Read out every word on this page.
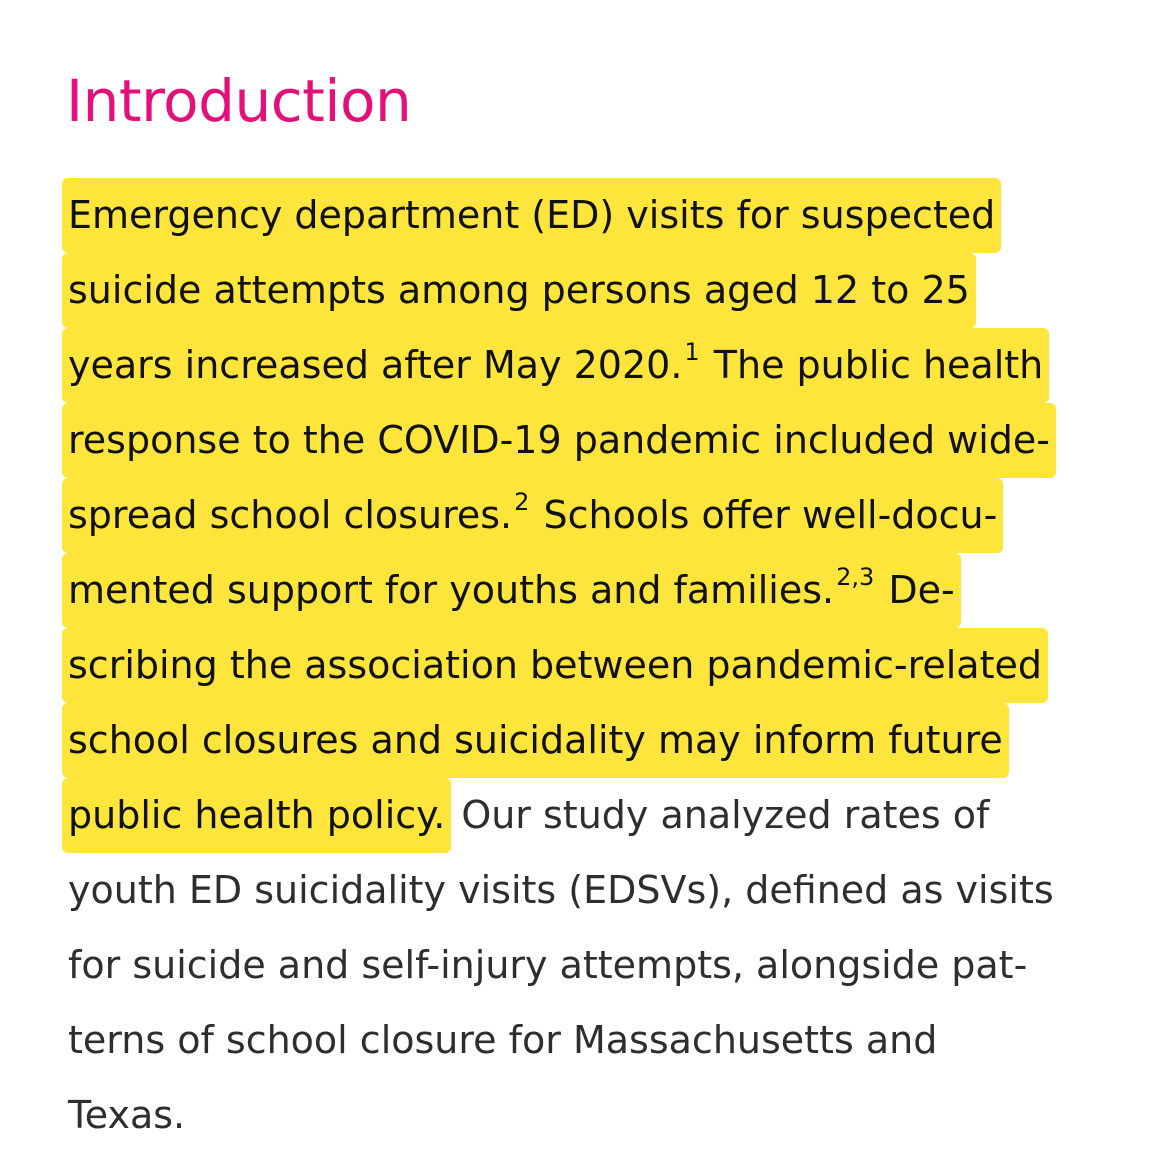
Introduction
Emergency department (ED) visits for suspected
suicide attempts among persons aged 12 to 25
years increased after May 2020.$^1$ The public health
response to the COVID-19 pandemic included wide-
spread school closures.$^2$ Schools offer well-docu-
mented support for youths and families.$^{2,3}$ De-
scribing the association between pandemic-related
school closures and suicidality may inform future
public health policy. Our study analyzed rates of
youth ED suicidality visits (EDSVs), defined as visits
for suicide and self-injury attempts, alongside pat-
terns of school closure for Massachusetts and
Texas.
